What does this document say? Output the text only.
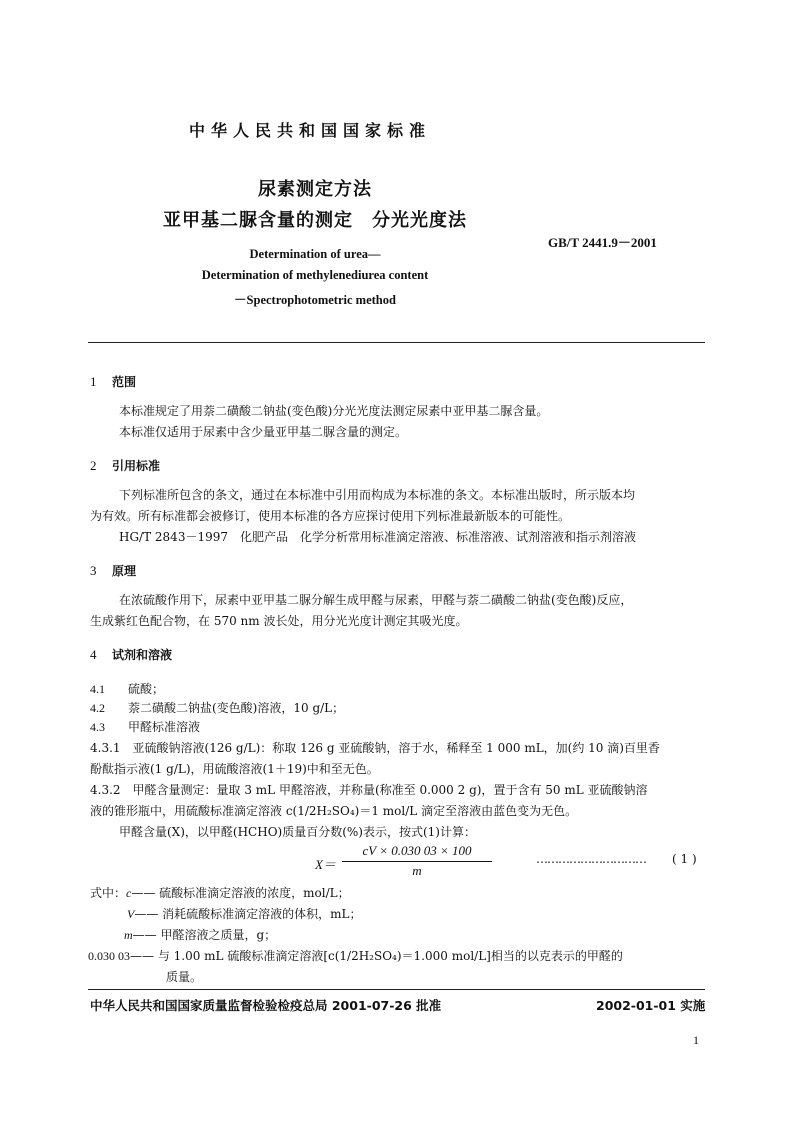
中华人民共和国国家标准
尿素测定方法
亚甲基二脲含量的测定　分光光度法
GB/T 2441.9－2001
Determination of urea—
Determination of methylenediurea content
－Spectrophotometric method
1 范围
本标准规定了用萘二磺酸二钠盐(变色酸)分光光度法测定尿素中亚甲基二脲含量。
本标准仅适用于尿素中含少量亚甲基二脲含量的测定。
2 引用标准
下列标准所包含的条文，通过在本标准中引用而构成为本标准的条文。本标准出版时，所示版本均
为有效。所有标准都会被修订，使用本标准的各方应探讨使用下列标准最新版本的可能性。
HG/T 2843－1997　化肥产品　化学分析常用标准滴定溶液、标准溶液、试剂溶液和指示剂溶液
3 原理
在浓硫酸作用下，尿素中亚甲基二脲分解生成甲醛与尿素，甲醛与萘二磺酸二钠盐(变色酸)反应，
生成紫红色配合物，在 570 nm 波长处，用分光光度计测定其吸光度。
4 试剂和溶液
4.1 硫酸；
4.2 萘二磺酸二钠盐(变色酸)溶液，10 g/L；
4.3 甲醛标准溶液
4.3.1　亚硫酸钠溶液(126 g/L)：称取 126 g 亚硫酸钠，溶于水，稀释至 1 000 mL，加(约 10 滴)百里香
酚酞指示液(1 g/L)，用硫酸溶液(1＋19)中和至无色。
4.3.2　甲醛含量测定：量取 3 mL 甲醛溶液，并称量(称准至 0.000 2 g)，置于含有 50 mL 亚硫酸钠溶
液的锥形瓶中，用硫酸标准滴定溶液 c(1/2H₂SO₄)＝1 mol/L 滴定至溶液由蓝色变为无色。
甲醛含量(X)，以甲醛(HCHO)质量百分数(%)表示，按式(1)计算：
X＝
cV × 0.030 03 × 100
m
………………………… ( 1 )
式中：c—— 硫酸标准滴定溶液的浓度，mol/L；
V—— 消耗硫酸标准滴定溶液的体积，mL；
m—— 甲醛溶液之质量，g；
0.030 03—— 与 1.00 mL 硫酸标准滴定溶液[c(1/2H₂SO₄)＝1.000 mol/L]相当的以克表示的甲醛的
质量。
中华人民共和国国家质量监督检验检疫总局 2001-07-26 批准	2002-01-01 实施
1
